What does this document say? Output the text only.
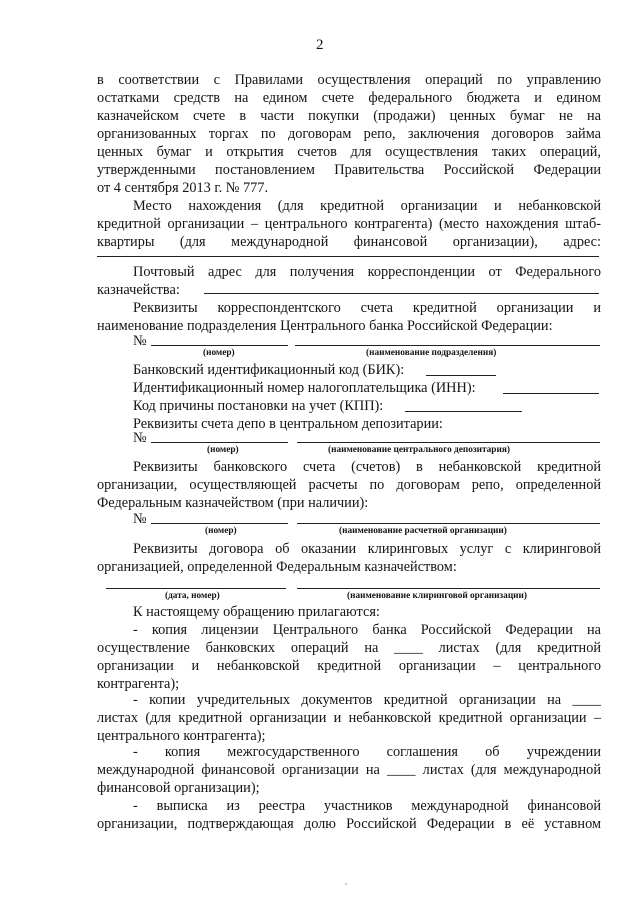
2
в соответствии с Правилами осуществления операций по управлению
остатками средств на едином счете федерального бюджета и едином
казначейском счете в части покупки (продажи) ценных бумаг не на
организованных торгах по договорам репо, заключения договоров займа
ценных бумаг и открытия счетов для осуществления таких операций,
утвержденными постановлением Правительства Российской Федерации
от 4 сентября 2013 г. № 777.
Место нахождения (для кредитной организации и небанковской
кредитной организации – центрального контрагента) (место нахождения штаб-
квартиры (для международной финансовой организации), адрес:
Почтовый адрес для получения корреспонденции от Федерального
казначейства:
Реквизиты корреспондентского счета кредитной организации и
наименование подразделения Центрального банка Российской Федерации:
№
(номер)	(наименование подразделения)
Банковский идентификационный код (БИК):
Идентификационный номер налогоплательщика (ИНН):
Код причины постановки на учет (КПП):
Реквизиты счета депо в центральном депозитарии:
№
(номер)	(наименование центрального депозитария)
Реквизиты банковского счета (счетов) в небанковской кредитной
организации, осуществляющей расчеты по договорам репо, определенной
Федеральным казначейством (при наличии):
№
(номер)	(наименование расчетной организации)
Реквизиты договора об оказании клиринговых услуг с клиринговой
организацией, определенной Федеральным казначейством:
(дата, номер)	(наименование клиринговой организации)
К настоящему обращению прилагаются:
- копия лицензии Центрального банка Российской Федерации на
осуществление банковских операций на ____ листах (для кредитной
организации и небанковской кредитной организации – центрального
контрагента);
- копии учредительных документов кредитной организации на ____
листах (для кредитной организации и небанковской кредитной организации –
центрального контрагента);
- копия межгосударственного соглашения об учреждении
международной финансовой организации на ____ листах (для международной
финансовой организации);
- выписка из реестра участников международной финансовой
организации, подтверждающая долю Российской Федерации в её уставном
